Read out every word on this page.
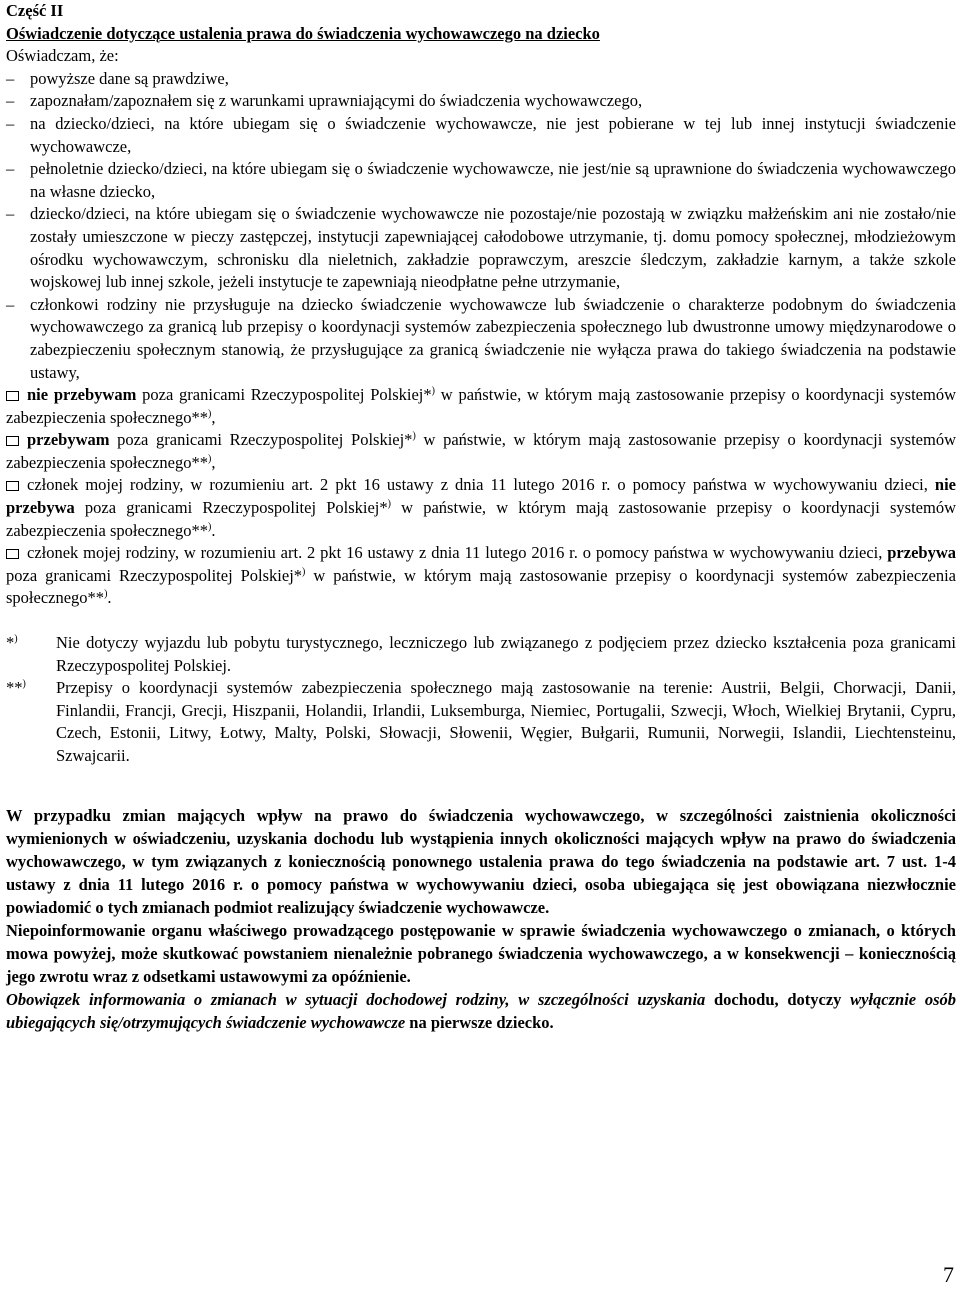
Część II
Oświadczenie dotyczące ustalenia prawa do świadczenia wychowawczego na dziecko
Oświadczam, że:
– powyższe dane są prawdziwe,
– zapoznałam/zapoznałem się z warunkami uprawniającymi do świadczenia wychowawczego,
– na dziecko/dzieci, na które ubiegam się o świadczenie wychowawcze, nie jest pobierane w tej lub innej instytucji świadczenie wychowawcze,
– pełnoletnie dziecko/dzieci, na które ubiegam się o świadczenie wychowawcze, nie jest/nie są uprawnione do świadczenia wychowawczego na własne dziecko,
– dziecko/dzieci, na które ubiegam się o świadczenie wychowawcze nie pozostaje/nie pozostają w związku małżeńskim ani nie zostało/nie zostały umieszczone w pieczy zastępczej, instytucji zapewniającej całodobowe utrzymanie, tj. domu pomocy społecznej, młodzieżowym ośrodku wychowawczym, schronisku dla nieletnich, zakładzie poprawczym, areszcie śledczym, zakładzie karnym, a także szkole wojskowej lub innej szkole, jeżeli instytucje te zapewniają nieodpłatne pełne utrzymanie,
– członkowi rodziny nie przysługuje na dziecko świadczenie wychowawcze lub świadczenie o charakterze podobnym do świadczenia wychowawczego za granicą lub przepisy o koordynacji systemów zabezpieczenia społecznego lub dwustronne umowy międzynarodowe o zabezpieczeniu społecznym stanowią, że przysługujące za granicą świadczenie nie wyłącza prawa do takiego świadczenia na podstawie ustawy,
nie przebywam poza granicami Rzeczypospolitej Polskiej*) w państwie, w którym mają zastosowanie przepisy o koordynacji systemów zabezpieczenia społecznego**),
przebywam poza granicami Rzeczypospolitej Polskiej*) w państwie, w którym mają zastosowanie przepisy o koordynacji systemów zabezpieczenia społecznego**),
członek mojej rodziny, w rozumieniu art. 2 pkt 16 ustawy z dnia 11 lutego 2016 r. o pomocy państwa w wychowywaniu dzieci, nie przebywa poza granicami Rzeczypospolitej Polskiej*) w państwie, w którym mają zastosowanie przepisy o koordynacji systemów zabezpieczenia społecznego**).
członek mojej rodziny, w rozumieniu art. 2 pkt 16 ustawy z dnia 11 lutego 2016 r. o pomocy państwa w wychowywaniu dzieci, przebywa poza granicami Rzeczypospolitej Polskiej*) w państwie, w którym mają zastosowanie przepisy o koordynacji systemów zabezpieczenia społecznego**).
*)	Nie dotyczy wyjazdu lub pobytu turystycznego, leczniczego lub związanego z podjęciem przez dziecko kształcenia poza granicami Rzeczypospolitej Polskiej.
**)	Przepisy o koordynacji systemów zabezpieczenia społecznego mają zastosowanie na terenie: Austrii, Belgii, Chorwacji, Danii, Finlandii, Francji, Grecji, Hiszpanii, Holandii, Irlandii, Luksemburga, Niemiec, Portugalii, Szwecji, Włoch, Wielkiej Brytanii, Cypru, Czech, Estonii, Litwy, Łotwy, Malty, Polski, Słowacji, Słowenii, Węgier, Bułgarii, Rumunii, Norwegii, Islandii, Liechtensteinu, Szwajcarii.
W przypadku zmian mających wpływ na prawo do świadczenia wychowawczego, w szczególności zaistnienia okoliczności wymienionych w oświadczeniu, uzyskania dochodu lub wystąpienia innych okoliczności mających wpływ na prawo do świadczenia wychowawczego, w tym związanych z koniecznością ponownego ustalenia prawa do tego świadczenia na podstawie art. 7 ust. 1-4 ustawy z dnia 11 lutego 2016 r. o pomocy państwa w wychowywaniu dzieci, osoba ubiegająca się jest obowiązana niezwłocznie powiadomić o tych zmianach podmiot realizujący świadczenie wychowawcze.
Niepoinformowanie organu właściwego prowadzącego postępowanie w sprawie świadczenia wychowawczego o zmianach, o których mowa powyżej, może skutkować powstaniem nienależnie pobranego świadczenia wychowawczego, a w konsekwencji – koniecznością jego zwrotu wraz z odsetkami ustawowymi za opóźnienie.
Obowiązek informowania o zmianach w sytuacji dochodowej rodziny, w szczególności uzyskania dochodu, dotyczy wyłącznie osób ubiegających się/otrzymujących świadczenie wychowawcze na pierwsze dziecko.
7
